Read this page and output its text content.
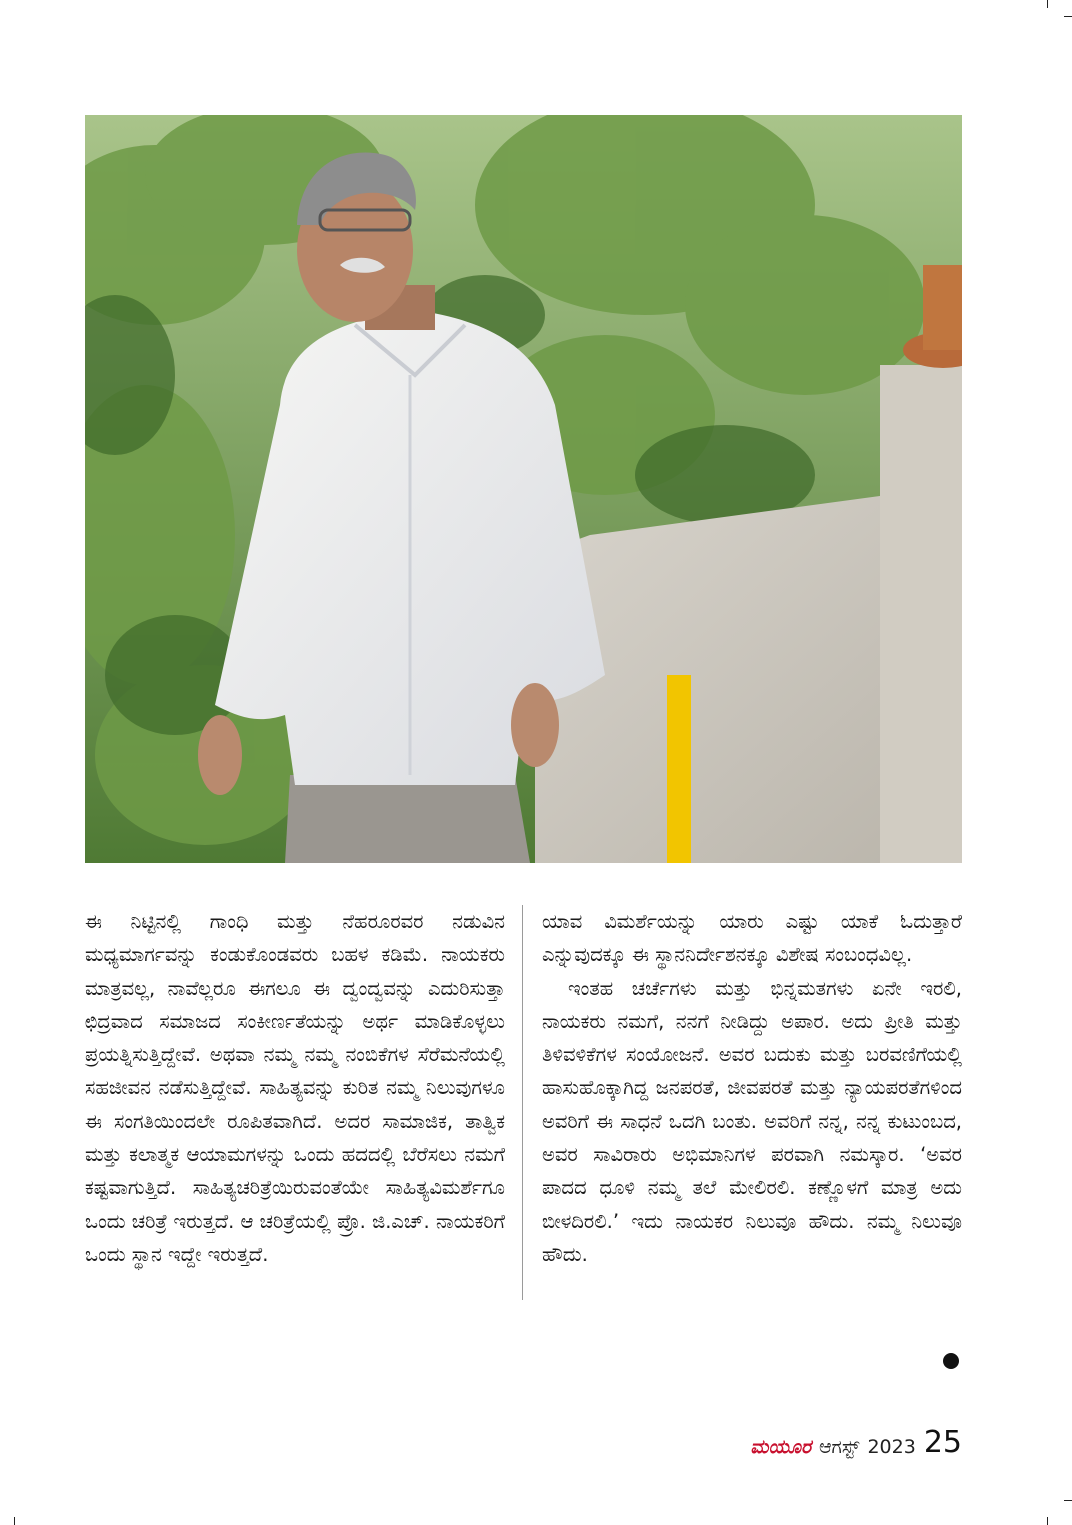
ಈ ನಿಟ್ಟಿನಲ್ಲಿ ಗಾಂಧಿ ಮತ್ತು ನೆಹರೂರವರ ನಡುವಿನ ಮಧ್ಯಮಾರ್ಗವನ್ನು ಕಂಡುಕೊಂಡವರು ಬಹಳ ಕಡಿಮೆ. ನಾಯಕರು ಮಾತ್ರವಲ್ಲ, ನಾವೆಲ್ಲರೂ ಈಗಲೂ ಈ ದ್ವಂದ್ವವನ್ನು ಎದುರಿಸುತ್ತಾ ಛಿದ್ರವಾದ ಸಮಾಜದ ಸಂಕೀರ್ಣತೆಯನ್ನು ಅರ್ಥ ಮಾಡಿಕೊಳ್ಳಲು ಪ್ರಯತ್ನಿಸುತ್ತಿದ್ದೇವೆ. ಅಥವಾ ನಮ್ಮ ನಮ್ಮ ನಂಬಿಕೆಗಳ ಸೆರೆಮನೆಯಲ್ಲಿ ಸಹಜೀವನ ನಡೆಸುತ್ತಿದ್ದೇವೆ. ಸಾಹಿತ್ಯವನ್ನು ಕುರಿತ ನಮ್ಮ ನಿಲುವುಗಳೂ ಈ ಸಂಗತಿಯಿಂದಲೇ ರೂಪಿತವಾಗಿದೆ. ಅದರ ಸಾಮಾಜಿಕ, ತಾತ್ವಿಕ ಮತ್ತು ಕಲಾತ್ಮಕ ಆಯಾಮಗಳನ್ನು ಒಂದು ಹದದಲ್ಲಿ ಬೆರೆಸಲು ನಮಗೆ ಕಷ್ಟವಾಗುತ್ತಿದೆ. ಸಾಹಿತ್ಯಚರಿತ್ರೆಯಿರುವಂತೆಯೇ ಸಾಹಿತ್ಯವಿಮರ್ಶೆಗೂ ಒಂದು ಚರಿತ್ರೆ ಇರುತ್ತದೆ. ಆ ಚರಿತ್ರೆಯಲ್ಲಿ ಪ್ರೊ. ಜಿ.ಎಚ್. ನಾಯಕರಿಗೆ ಒಂದು ಸ್ಥಾನ ಇದ್ದೇ ಇರುತ್ತದೆ.

ಯಾವ ವಿಮರ್ಶೆಯನ್ನು ಯಾರು ಎಷ್ಟು ಯಾಕೆ ಓದುತ್ತಾರೆ ಎನ್ನುವುದಕ್ಕೂ ಈ ಸ್ಥಾನನಿರ್ದೇಶನಕ್ಕೂ ವಿಶೇಷ ಸಂಬಂಧವಿಲ್ಲ.

ಇಂತಹ ಚರ್ಚೆಗಳು ಮತ್ತು ಭಿನ್ನಮತಗಳು ಏನೇ ಇರಲಿ, ನಾಯಕರು ನಮಗೆ, ನನಗೆ ನೀಡಿದ್ದು ಅಪಾರ. ಅದು ಪ್ರೀತಿ ಮತ್ತು ತಿಳಿವಳಿಕೆಗಳ ಸಂಯೋಜನೆ. ಅವರ ಬದುಕು ಮತ್ತು ಬರವಣಿಗೆಯಲ್ಲಿ ಹಾಸುಹೊಕ್ಕಾಗಿದ್ದ ಜನಪರತೆ, ಜೀವಪರತೆ ಮತ್ತು ನ್ಯಾಯಪರತೆಗಳಿಂದ ಅವರಿಗೆ ಈ ಸಾಧನೆ ಒದಗಿ ಬಂತು. ಅವರಿಗೆ ನನ್ನ, ನನ್ನ ಕುಟುಂಬದ, ಅವರ ಸಾವಿರಾರು ಅಭಿಮಾನಿಗಳ ಪರವಾಗಿ ನಮಸ್ಕಾರ. ‘ಅವರ ಪಾದದ ಧೂಳಿ ನಮ್ಮ ತಲೆ ಮೇಲಿರಲಿ. ಕಣ್ಣೊಳಗೆ ಮಾತ್ರ ಅದು ಬೀಳದಿರಲಿ.’ ಇದು ನಾಯಕರ ನಿಲುವೂ ಹೌದು. ನಮ್ಮ ನಿಲುವೂ ಹೌದು.

ಮಯೂರ ಆಗಸ್ಟ್ 2023 25
